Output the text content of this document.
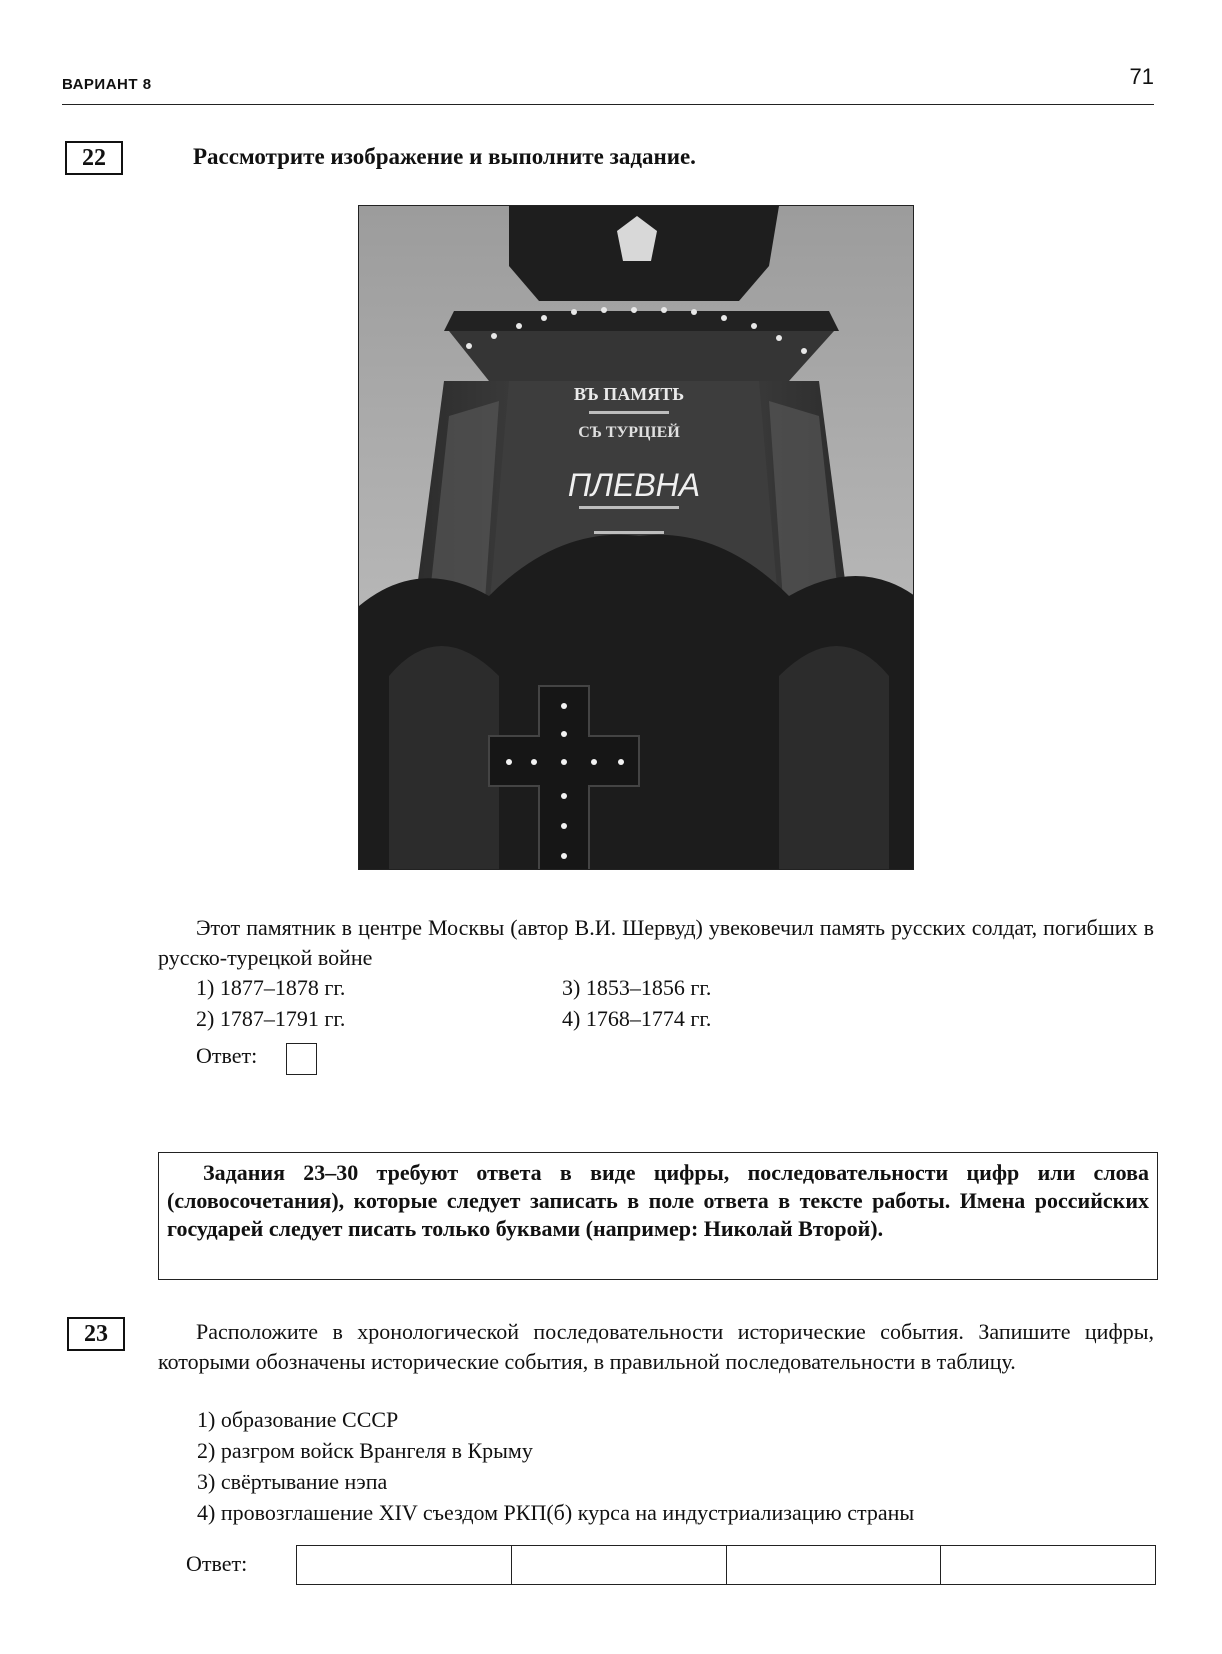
ВАРИАНТ 8	71
22	Рассмотрите изображение и выполните задание.
ВЪ ПАМЯТЬ
СЪ ТУРЦІЕЙ
ПЛЕВНА
Этот памятник в центре Москвы (автор В.И. Шервуд) увековечил память русских солдат, погибших в русско-турецкой войне
1) 1877–1878 гг.
2) 1787–1791 гг.
3) 1853–1856 гг.
4) 1768–1774 гг.
Ответ:
Задания 23–30 требуют ответа в виде цифры, последовательности цифр или слова (словосочетания), которые следует записать в поле ответа в тексте работы. Имена российских государей следует писать только буквами (например: Николай Второй).
23	Расположите в хронологической последовательности исторические события. Запишите цифры, которыми обозначены исторические события, в правильной последовательности в таблицу.
1) образование СССР
2) разгром войск Врангеля в Крыму
3) свёртывание нэпа
4) провозглашение XIV съездом РКП(б) курса на индустриализацию страны
Ответ:
